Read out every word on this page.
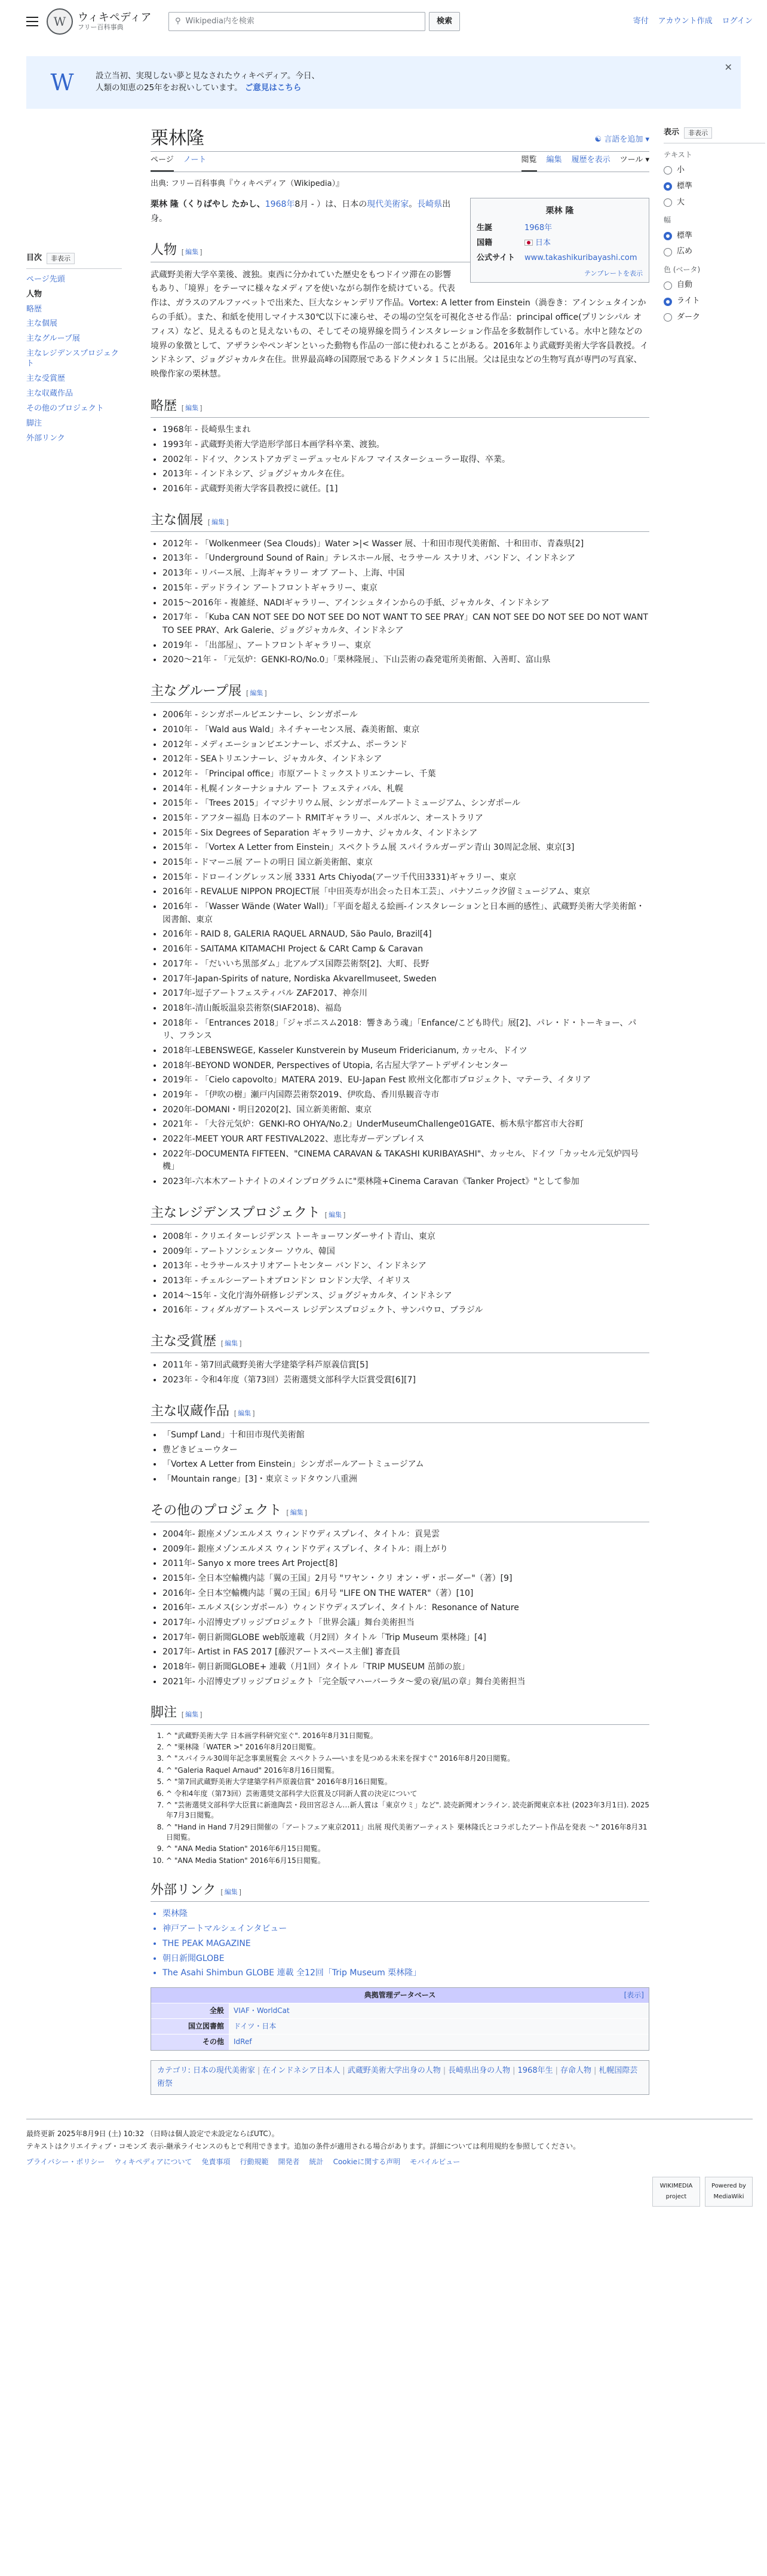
W	ウィキペディア
フリー百科事典
⚲ Wikipedia内を検索	検索	寄付 アカウント作成 ログイン
W	設立当初、実現しない夢と見なされたウィキペディア。今日、
人類の知恵の25年をお祝いしています。 ご意見はこちら
✕
目次	非表示
ページ先頭
人物
略歴
主な個展
主なグループ展
主なレジデンスプロジェクト
主な受賞歴
主な収蔵作品
その他のプロジェクト
脚注
外部リンク
栗林隆	☯ 言語を追加 ▾
ページ ノート	閲覧 編集 履歴を表示 ツール ▾
出典: フリー百科事典『ウィキペディア（Wikipedia）』
栗林 隆
生誕	1968年
国籍	日本
公式サイト	www.takashikuribayashi.com
テンプレートを表示

栗林 隆（くりばやし たかし、1968年8月 - ）は、日本の現代美術家。長崎県出身。

人物 [ 編集 ]

武蔵野美術大学卒業後、渡独。東西に分かれていた歴史をもつドイツ滞在の影響もあり、「境界」をテーマに様々なメディアを使いながら制作を続けている。代表作は、ガラスのアルファベットで出来た、巨大なシャンデリア作品。Vortex: A letter from Einstein（渦巻き：アインシュタインからの手紙）。また、和紙を使用しマイナス30℃以下に凍らせ、その場の空気を可視化させる作品：principal office(プリンシパル オフィス）など、見えるものと見えないもの、そしてその境界線を問うインスタレーション作品を多数制作している。水中と陸などの境界の象徴として、アザラシやペンギンといった動物も作品の一部に使われることがある。2016年より武蔵野美術大学客員教授。インドネシア、ジョグジャカルタ在住。世界最高峰の国際展であるドクメンタ１５に出展。父は昆虫などの生物写真が専門の写真家、映像作家の栗林慧。

略歴 [ 編集 ]
• 1968年 - 長崎県生まれ
• 1993年 - 武蔵野美術大学造形学部日本画学科卒業、渡独。
• 2002年 - ドイツ、クンストアカデミーデュッセルドルフ マイスターシューラー取得、卒業。
• 2013年 - インドネシア、ジョグジャカルタ在住。
• 2016年 - 武蔵野美術大学客員教授に就任。[1]
主な個展 [ 編集 ]
• 2012年 - 「Wolkenmeer (Sea Clouds)」Water >|< Wasser 展、十和田市現代美術館、十和田市、青森県[2]
• 2013年 - 「Underground Sound of Rain」テレスホール展、セラサール スナリオ、バンドン、インドネシア
• 2013年 - リバース展、上海ギャラリー オブ アート、上海、中国
• 2015年 - デッドライン アートフロントギャラリー、東京
• 2015～2016年 - 複雑経、NADIギャラリー、アインシュタインからの手紙、ジャカルタ、インドネシア
• 2017年 - 「Kuba CAN NOT SEE DO NOT SEE DO NOT WANT TO SEE PRAY」CAN NOT SEE DO NOT SEE DO NOT WANT TO SEE PRAY、Ark Galerie、ジョグジャカルタ、インドネシア
• 2019年 - 「出部屋」、アートフロントギャラリー、東京
• 2020～21年 - 「元気炉：GENKI-RO/No.0」「栗林隆展」、下山芸術の森発電所美術館、入善町、富山県
主なグループ展 [ 編集 ]
• 2006年 - シンガポールビエンナーレ、シンガポール
• 2010年 - 「Wald aus Wald」ネイチャーセンス展、森美術館、東京
• 2012年 - メディエーションビエンナーレ、ポズナム、ポーランド
• 2012年 - SEAトリエンナーレ、ジャカルタ、インドネシア
• 2012年 - 「Principal office」市原アートミックストリエンナーレ、千葉
• 2014年 - 札幌インターナショナル アート フェスティバル、札幌
• 2015年 - 「Trees 2015」イマジナリウム展、シンガポールアートミュージアム、シンガポール
• 2015年 - アフター福島 日本のアート RMITギャラリー、メルボルン、オーストラリア
• 2015年 - Six Degrees of Separation ギャラリーカナ、ジャカルタ、インドネシア
• 2015年 - 「Vortex A Letter from Einstein」スペクトラム展 スパイラルガーデン青山 30周記念展、東京[3]
• 2015年 - ドマーニ展 アートの明日 国立新美術館、東京
• 2015年 - ドローイングレッスン展 3331 Arts Chiyoda(アーツ千代田3331)ギャラリー、東京
• 2016年 - REVALUE NIPPON PROJECT展「中田英寿が出会った日本工芸」、パナソニック汐留ミュージアム、東京
• 2016年 - 「Wasser Wände (Water Wall)」「平面を超える絵画-インスタレーションと日本画的感性」、武蔵野美術大学美術館・図書館、東京
• 2016年 - RAID 8, GALERIA RAQUEL ARNAUD, São Paulo, Brazil[4]
• 2016年 - SAITAMA KITAMACHI Project & CARt Camp & Caravan
• 2017年 - 「だいいち黒部ダム」北アルプス国際芸術祭[2]、大町、長野
• 2017年-Japan-Spirits of nature, Nordiska Akvarellmuseet, Sweden
• 2017年-逗子アートフェスティバル ZAF2017、神奈川
• 2018年-清山飯坂温泉芸術祭(SIAF2018)、福島
• 2018年 - 「Entrances 2018」「ジャポニスム2018：響きあう魂」「Enfance/こども時代」展[2]、パレ・ド・トーキョー、パリ、フランス
• 2018年-LEBENSWEGE, Kasseler Kunstverein by Museum Fridericianum, カッセル、ドイツ
• 2018年-BEYOND WONDER, Perspectives of Utopia, 名古屋大学アートデザインセンター
• 2019年 - 「Cielo capovolto」MATERA 2019、EU-Japan Fest 欧州文化都市プロジェクト、マテーラ、イタリア
• 2019年 - 「伊吹の樹」瀬戸内国際芸術祭2019、伊吹島、香川県観音寺市
• 2020年-DOMANI・明日2020[2]、国立新美術館、東京
• 2021年 - 「大谷元気炉：GENKI-RO OHYA/No.2」UnderMuseumChallenge01GATE、栃木県宇都宮市大谷町
• 2022年-MEET YOUR ART FESTIVAL2022、恵比寿ガーデンプレイス
• 2022年-DOCUMENTA FIFTEEN、"CINEMA CARAVAN & TAKASHI KURIBAYASHI"、カッセル、ドイツ「カッセル元気炉四号機」
• 2023年-六本木アートナイトのメインプログラムに"栗林隆+Cinema Caravan《Tanker Project》"として参加
主なレジデンスプロジェクト [ 編集 ]
• 2008年 - クリエイターレジデンス トーキョーワンダーサイト青山、東京
• 2009年 - アートソンシェンター ソウル、韓国
• 2013年 - セラサールスナリオアートセンター バンドン、インドネシア
• 2013年 - チェルシーアートオブロンドン ロンドン大学、イギリス
• 2014～15年 - 文化庁海外研修レジデンス、ジョグジャカルタ、インドネシア
• 2016年 - フィダルガアートスペース レジデンスプロジェクト、サンパウロ、ブラジル
主な受賞歴 [ 編集 ]
• 2011年 - 第7回武蔵野美術大学建築学科芦原義信賞[5]
• 2023年 - 令和4年度（第73回）芸術選奨文部科学大臣賞受賞[6][7]
主な収蔵作品 [ 編集 ]
• 「Sumpf Land」十和田市現代美術館
• 豊どきビューウター
• 「Vortex A Letter from Einstein」シンガポールアートミュージアム
• 「Mountain range」[3]・東京ミッドタウン八重洲
その他のプロジェクト [ 編集 ]
• 2004年- 銀座メゾンエルメス ウィンドウディスプレイ、タイトル：貢晃雲
• 2009年- 銀座メゾンエルメス ウィンドウディスプレイ、タイトル：雨上がり
• 2011年- Sanyo x more trees Art Project[8]
• 2015年- 全日本空輸機内誌「翼の王国」2月号 "ワヤン・クリ オン・ザ・ボーダー"（著）[9]
• 2016年- 全日本空輸機内誌「翼の王国」6月号 "LIFE ON THE WATER"（著）[10]
• 2016年- エルメス(シンガポール）ウィンドウディスプレイ、タイトル：Resonance of Nature
• 2017年- 小沼博史ブリッジプロジェクト「世界会議」舞台美術担当
• 2017年- 朝日新聞GLOBE web版連載（月2回）タイトル「Trip Museum 栗林隆」[4]
• 2017年- Artist in FAS 2017 [藤沢アートスペース主催] 審査員
• 2018年- 朝日新聞GLOBE+ 連載（月1回）タイトル「TRIP MUSEUM 茁師の旅」
• 2021年- 小沼博史ブリッジプロジェクト「完全版マハーバーラタ～愛の衰/凪の章」舞台美術担当
脚注 [ 編集 ]
1. ^ "武蔵野美術大学 日本画学科研究室ぐ". 2016年8月31日閲覧。
2. ^ "栗林隆「WATER >" 2016年8月20日閲覧。
3. ^ "スパイラル30周年記念事業展覧会 スペクトラム──いまを見つめる未来を探すぐ" 2016年8月20日閲覧。
4. ^ "Galeria Raquel Arnaud" 2016年8月16日閲覧。
5. ^ "第7回武蔵野美術大学建築学科芦原義信賞" 2016年8月16日閲覧。
6. ^ 令和4年度（第73回）芸術選奨文部科学大臣賞及び同新人賞の決定について
7. ^ "芸術選奨文部科学大臣賞に新進陶芸・段田宮忍さん…新人賞は「東京ウミ」など". 読売新聞オンライン. 読売新聞東京本社 (2023年3月1日). 2025年7月3日閲覧。
8. ^ "Hand in Hand 7月29日開催の「アートフェア東京2011」出展 現代美術アーティスト 栗林隆氏とコラボしたアート作品を発表 〜" 2016年8月31日閲覧。
9. ^ "ANA Media Station" 2016年6月15日閲覧。
10. ^ "ANA Media Station" 2016年6月15日閲覧。
外部リンク [ 編集 ]
• 栗林隆
• 神戸アートマルシェインタビュー
• THE PEAK MAGAZINE
• 朝日新聞GLOBE
• The Asahi Shimbun GLOBE 連載 全12回「Trip Museum 栗林隆」
典拠管理データベース	[表示]
全般	VIAF・WorldCat
国立図書館	ドイツ・日本
その他	IdRef
カテゴリ: 日本の現代美術家 | 在インドネシア日本人 | 武蔵野美術大学出身の人物 | 長崎県出身の人物 | 1968年生 | 存命人物 | 札幌国際芸術祭
表示	非表示
テキスト
小
標準
大
幅
標準
広め
色 (ベータ)
自動
ライト
ダーク
最終更新 2025年8月9日 (土) 10:32 （日時は個人設定で未設定ならばUTC）。
テキストはクリエイティブ・コモンズ 表示-継承ライセンスのもとで利用できます。追加の条件が適用される場合があります。詳細については利用規約を参照してください。
プライバシー・ポリシー ウィキペディアについて 免責事項 行動規範 開発者 統計 Cookieに関する声明 モバイルビュー
WIKIMEDIA project
Powered by MediaWiki
